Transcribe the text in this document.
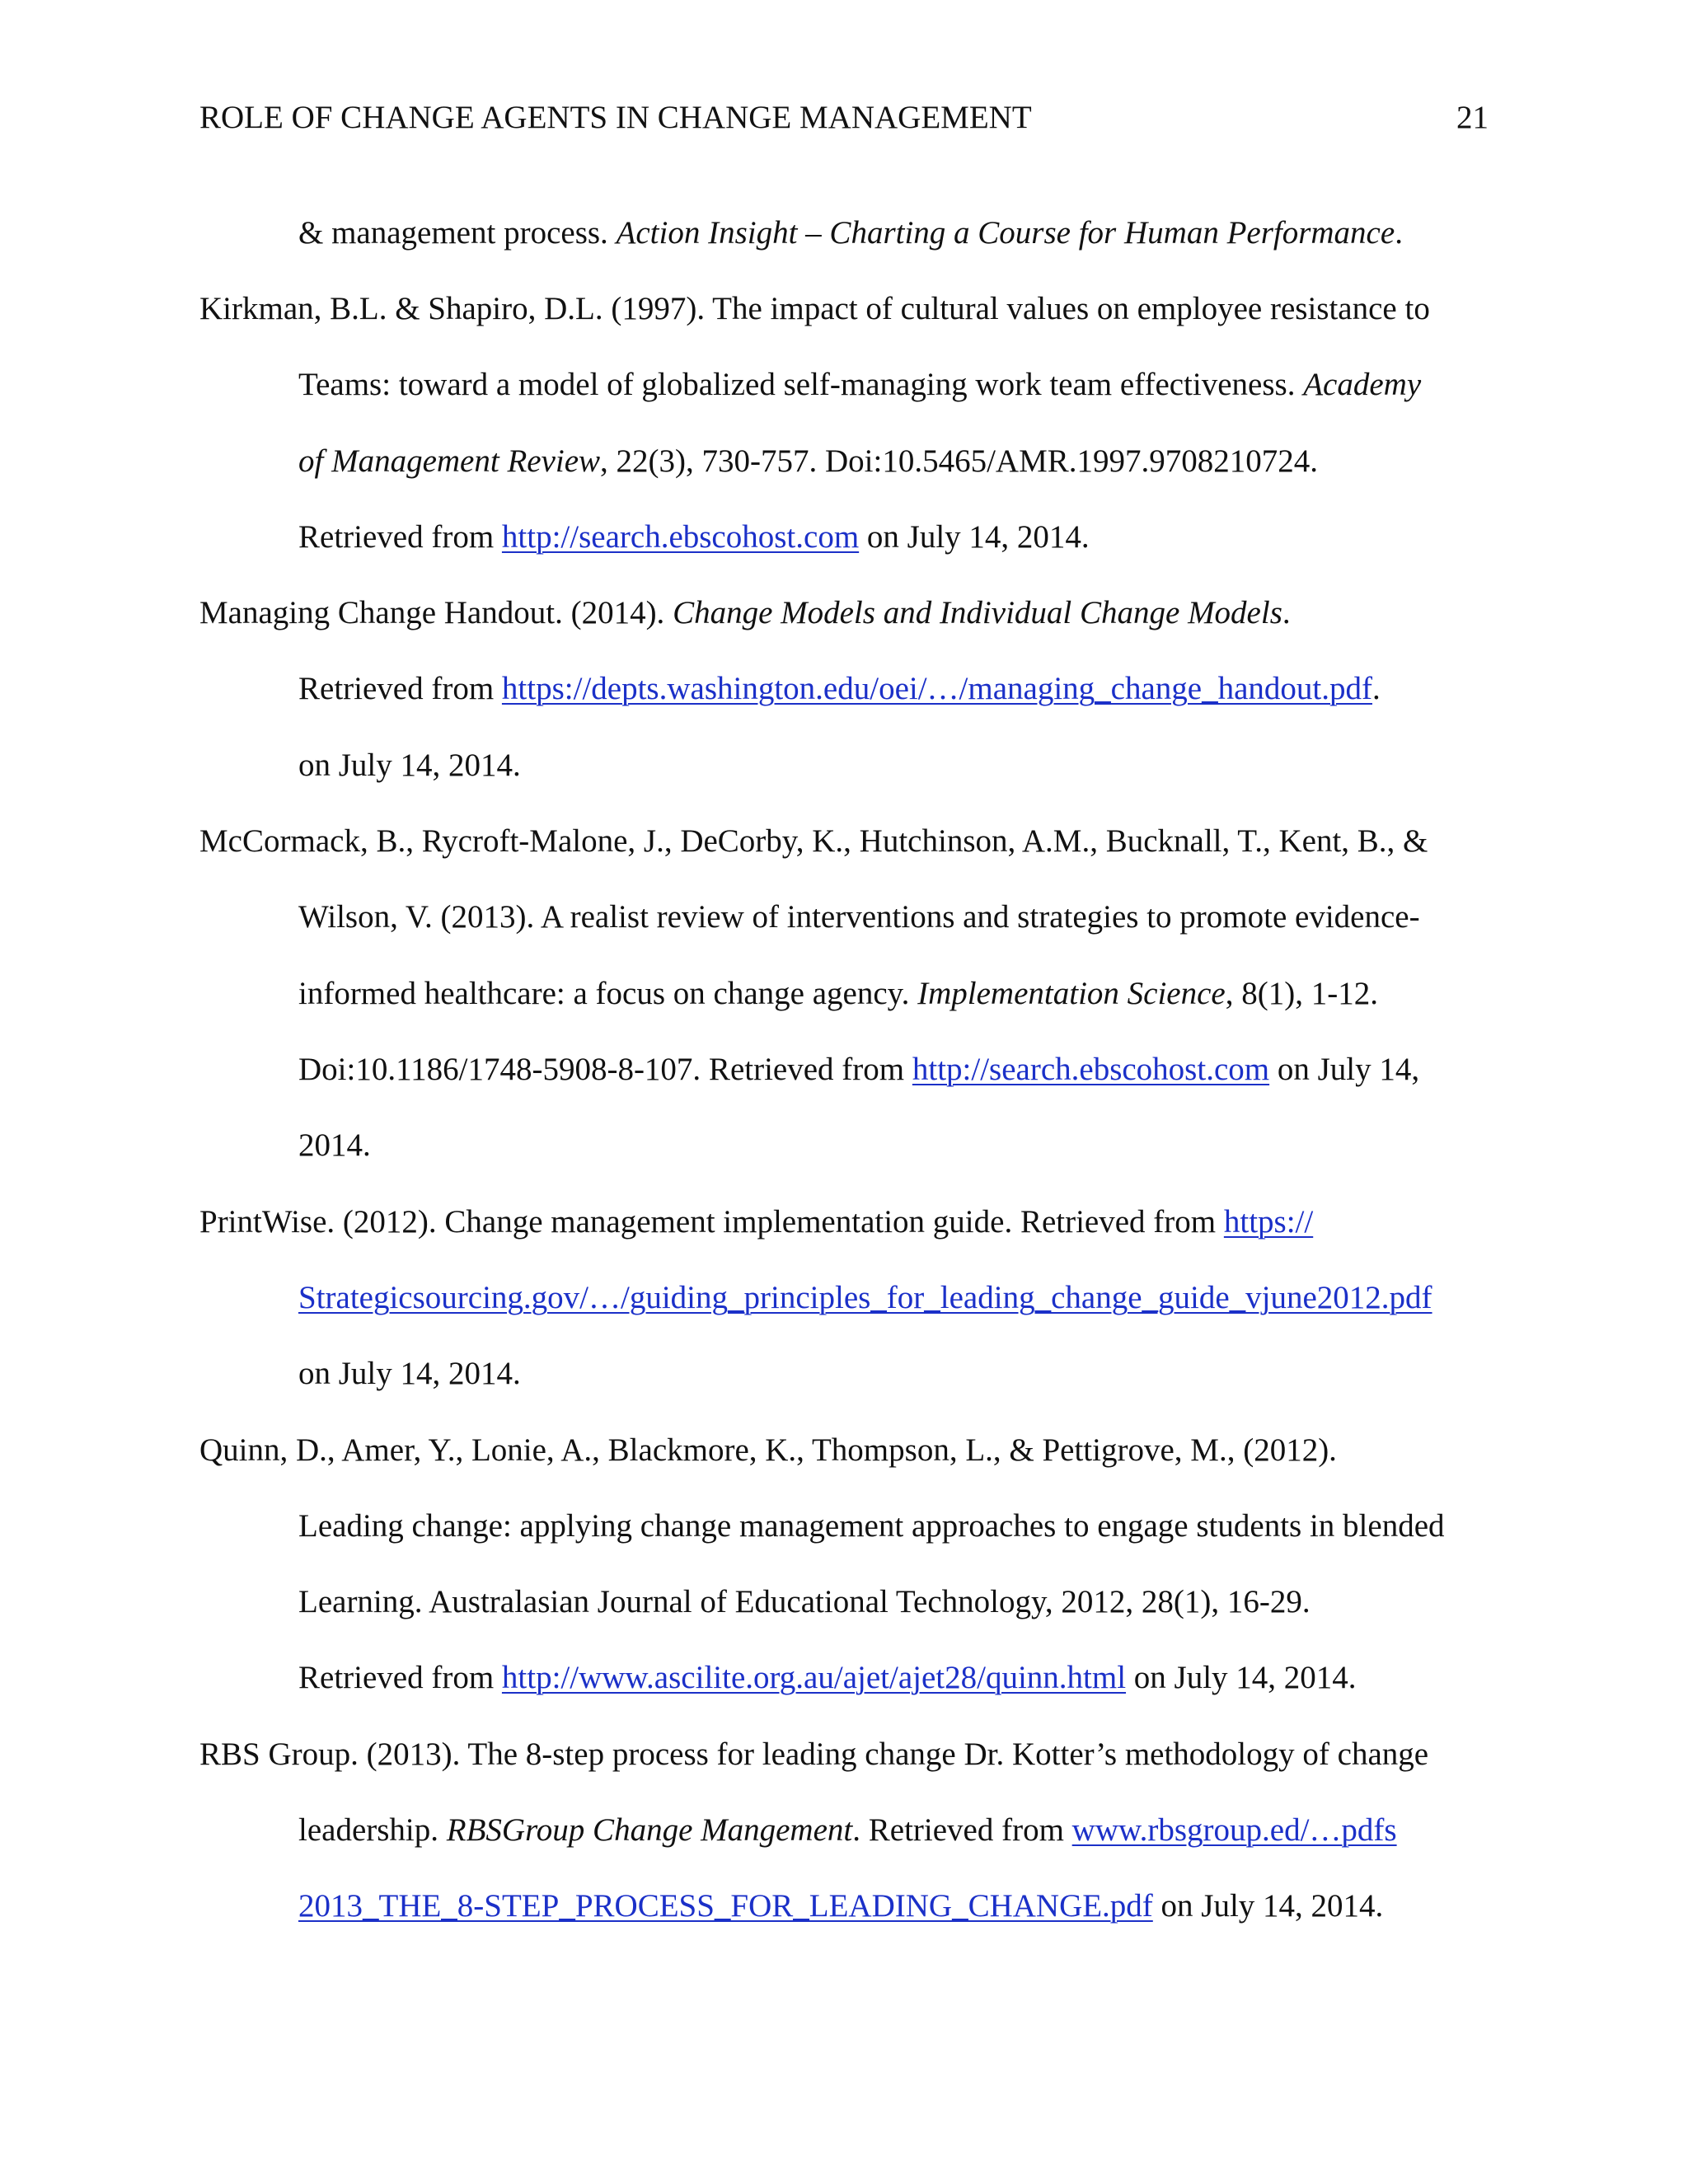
ROLE OF CHANGE AGENTS IN CHANGE MANAGEMENT	21
& management process. Action Insight – Charting a Course for Human Performance.
Kirkman, B.L. & Shapiro, D.L. (1997). The impact of cultural values on employee resistance to
Teams: toward a model of globalized self-managing work team effectiveness. Academy
of Management Review, 22(3), 730-757. Doi:10.5465/AMR.1997.9708210724.
Retrieved from http://search.ebscohost.com on July 14, 2014.
Managing Change Handout. (2014). Change Models and Individual Change Models.
Retrieved from https://depts.washington.edu/oei/…/managing_change_handout.pdf.
on July 14, 2014.
McCormack, B., Rycroft-Malone, J., DeCorby, K., Hutchinson, A.M., Bucknall, T., Kent, B., &
Wilson, V. (2013). A realist review of interventions and strategies to promote evidence-
informed healthcare: a focus on change agency. Implementation Science, 8(1), 1-12.
Doi:10.1186/1748-5908-8-107. Retrieved from http://search.ebscohost.com on July 14,
2014.
PrintWise. (2012). Change management implementation guide. Retrieved from https://
Strategicsourcing.gov/…/guiding_principles_for_leading_change_guide_vjune2012.pdf
on July 14, 2014.
Quinn, D., Amer, Y., Lonie, A., Blackmore, K., Thompson, L., & Pettigrove, M., (2012).
Leading change: applying change management approaches to engage students in blended
Learning. Australasian Journal of Educational Technology, 2012, 28(1), 16-29.
Retrieved from http://www.ascilite.org.au/ajet/ajet28/quinn.html on July 14, 2014.
RBS Group. (2013). The 8-step process for leading change Dr. Kotter’s methodology of change
leadership. RBSGroup Change Mangement. Retrieved from www.rbsgroup.ed/…pdfs
2013_THE_8-STEP_PROCESS_FOR_LEADING_CHANGE.pdf on July 14, 2014.
